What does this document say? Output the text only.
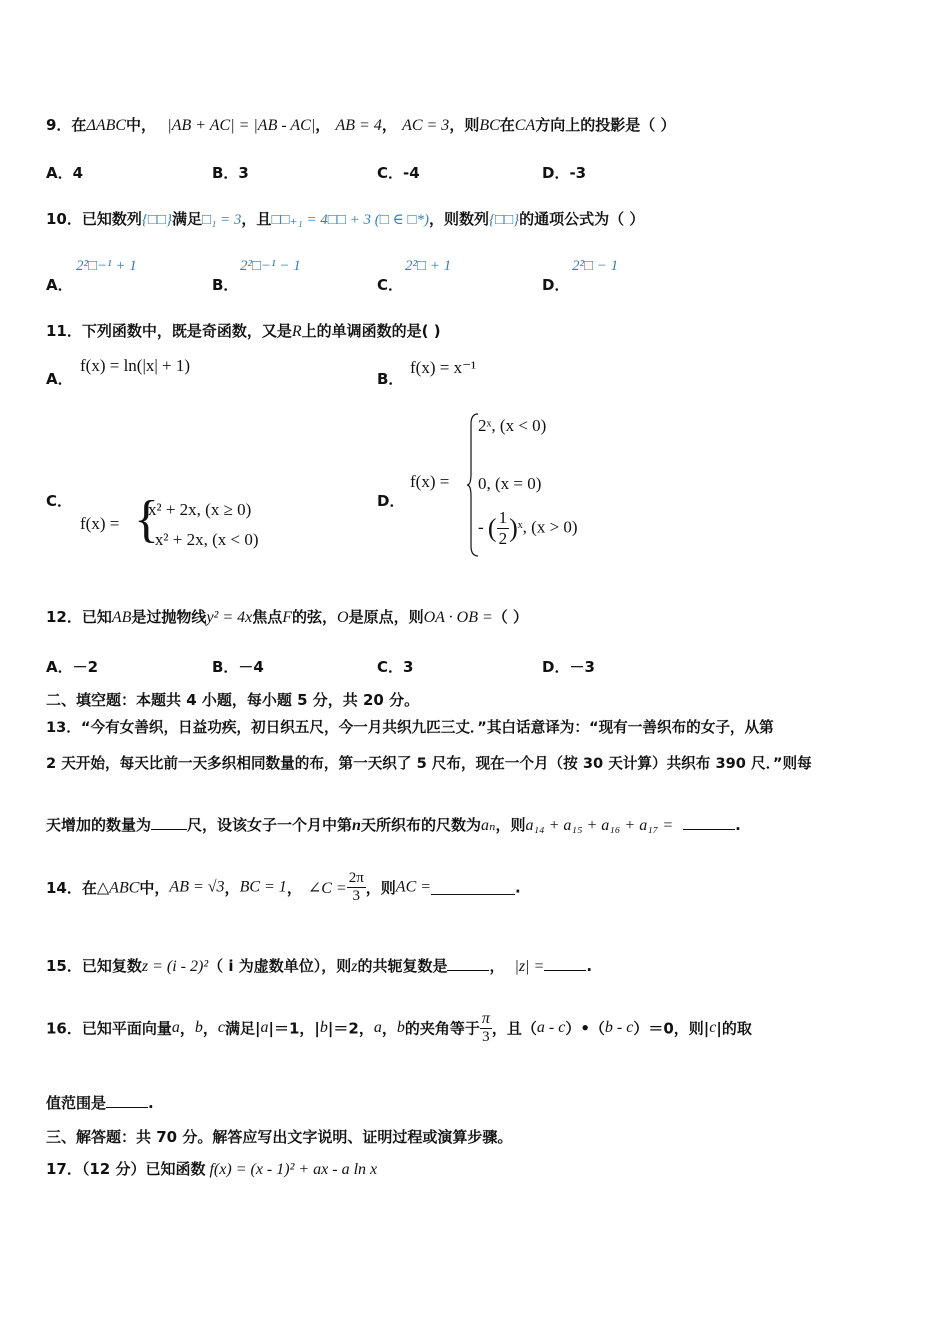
9．在ΔABC中， |AB + AC| = |AB - AC|， AB = 4， AC = 3，则BC在CA方向上的投影是（ ）
A．4	B．3	C．-4	D．-3
10．已知数列{□□}满足□₁ = 3，且□□₊₁ = 4□□ + 3 (□ ∈ □*)，则数列{□□}的通项公式为（ ）
A．
2²□−¹ + 1
B．
2²□−¹ − 1
C．
2²□ + 1
D．
2²□ − 1
11．下列函数中，既是奇函数，又是R上的单调函数的是( )
A．
f(x) = ln(|x| + 1)
B．
f(x) = x⁻¹
C．
f(x) = {
x² + 2x, (x ≥ 0)
- x² + 2x, (x < 0)
D．
f(x) =
2ˣ, (x < 0)
0, (x = 0)
- ( $\frac{1}{2}$ )ˣ, (x > 0)
12．已知AB是过抛物线y² = 4x焦点F的弦，O是原点，则OA · OB =（ ）
A．－2	B．－4	C．3	D．－3
二、填空题：本题共 4 小题，每小题 5 分，共 20 分。
13．“今有女善织，日益功疾，初日织五尺，今一月共织九匹三丈．”其白话意译为：“现有一善织布的女子，从第
2 天开始，每天比前一天多织相同数量的布，第一天织了 5 尺布，现在一个月（按 30 天计算）共织布 390 尺．”则每
天增加的数量为 尺，设该女子一个月中第n天所织布的尺数为aₙ，则a₁₄ + a₁₅ + a₁₆ + a₁₇ =	.
14．在△ABC中，AB = √3，BC = 1， ∠C = $\frac{2\pi}{3}$ ，则AC =	.
15．已知复数z = (i - 2)²（ i 为虚数单位），则z的共轭复数是	， |z| =	.
16．已知平面向量a，b，c满足|a|＝1，|b|＝2，a，b的夹角等于 $\frac{\pi}{3}$ ，且（a - c）•（b - c）＝0，则|c|的取
值范围是	.
三、解答题：共 70 分。解答应写出文字说明、证明过程或演算步骤。
17．（12 分）已知函数 f(x) = (x - 1)² + ax - a ln x
